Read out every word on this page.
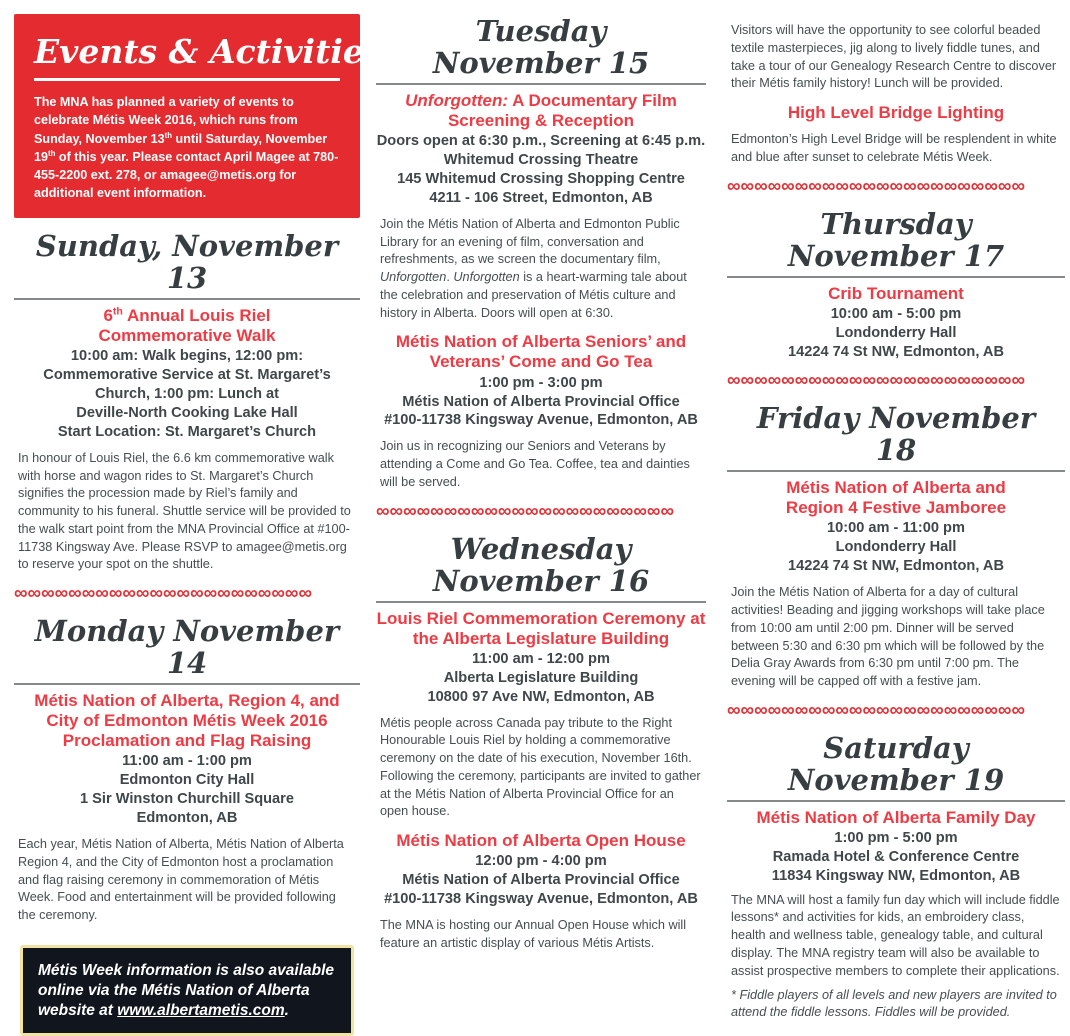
Events & Activities

The MNA has planned a variety of events to celebrate Métis Week 2016, which runs from Sunday, November 13th until Saturday, November 19th of this year. Please contact April Magee at 780-455-2200 ext. 278, or amagee@metis.org for additional event information.

Sunday, November 13
6th Annual Louis Riel
Commemorative Walk
10:00 am: Walk begins, 12:00 pm:
Commemorative Service at St. Margaret’s
Church, 1:00 pm: Lunch at
Deville-North Cooking Lake Hall
Start Location: St. Margaret’s Church

In honour of Louis Riel, the 6.6 km commemorative walk with horse and wagon rides to St. Margaret’s Church signifies the procession made by Riel’s family and community to his funeral. Shuttle service will be provided to the walk start point from the MNA Provincial Office at #100-11738 Kingsway Ave. Please RSVP to amagee@metis.org to reserve your spot on the shuttle.

∞∞∞∞∞∞∞∞∞∞∞∞∞∞∞∞∞∞∞∞∞∞
Monday November 14
Métis Nation of Alberta, Region 4, and
City of Edmonton Métis Week 2016
Proclamation and Flag Raising
11:00 am - 1:00 pm
Edmonton City Hall
1 Sir Winston Churchill Square
Edmonton, AB

Each year, Métis Nation of Alberta, Métis Nation of Alberta Region 4, and the City of Edmonton host a proclamation and flag raising ceremony in commemoration of Métis Week. Food and entertainment will be provided following the ceremony.

Métis Week information is also available online via the Métis Nation of Alberta website at www.albertametis.com.

Tuesday November 15
Unforgotten: A Documentary Film
Screening & Reception
Doors open at 6:30 p.m., Screening at 6:45 p.m.
Whitemud Crossing Theatre
145 Whitemud Crossing Shopping Centre
4211 - 106 Street, Edmonton, AB

Join the Métis Nation of Alberta and Edmonton Public Library for an evening of film, conversation and refreshments, as we screen the documentary film, Unforgotten. Unforgotten is a heart-warming tale about the celebration and preservation of Métis culture and history in Alberta. Doors will open at 6:30.

Métis Nation of Alberta Seniors’ and
Veterans’ Come and Go Tea
1:00 pm - 3:00 pm
Métis Nation of Alberta Provincial Office
#100-11738 Kingsway Avenue, Edmonton, AB

Join us in recognizing our Seniors and Veterans by attending a Come and Go Tea. Coffee, tea and dainties will be served.

∞∞∞∞∞∞∞∞∞∞∞∞∞∞∞∞∞∞∞∞∞∞
Wednesday November 16
Louis Riel Commemoration Ceremony at
the Alberta Legislature Building
11:00 am - 12:00 pm
Alberta Legislature Building
10800 97 Ave NW, Edmonton, AB

Métis people across Canada pay tribute to the Right Honourable Louis Riel by holding a commemorative ceremony on the date of his execution, November 16th. Following the ceremony, participants are invited to gather at the Métis Nation of Alberta Provincial Office for an open house.

Métis Nation of Alberta Open House
12:00 pm - 4:00 pm
Métis Nation of Alberta Provincial Office
#100-11738 Kingsway Avenue, Edmonton, AB

The MNA is hosting our Annual Open House which will feature an artistic display of various Métis Artists.

Visitors will have the opportunity to see colorful beaded textile masterpieces, jig along to lively fiddle tunes, and take a tour of our Genealogy Research Centre to discover their Métis family history! Lunch will be provided.

High Level Bridge Lighting

Edmonton’s High Level Bridge will be resplendent in white and blue after sunset to celebrate Métis Week.

∞∞∞∞∞∞∞∞∞∞∞∞∞∞∞∞∞∞∞∞∞∞
Thursday November 17
Crib Tournament
10:00 am - 5:00 pm
Londonderry Hall
14224 74 St NW, Edmonton, AB
∞∞∞∞∞∞∞∞∞∞∞∞∞∞∞∞∞∞∞∞∞∞
Friday November 18
Métis Nation of Alberta and
Region 4 Festive Jamboree
10:00 am - 11:00 pm
Londonderry Hall
14224 74 St NW, Edmonton, AB

Join the Métis Nation of Alberta for a day of cultural activities! Beading and jigging workshops will take place from 10:00 am until 2:00 pm. Dinner will be served between 5:30 and 6:30 pm which will be followed by the Delia Gray Awards from 6:30 pm until 7:00 pm. The evening will be capped off with a festive jam.

∞∞∞∞∞∞∞∞∞∞∞∞∞∞∞∞∞∞∞∞∞∞
Saturday November 19
Métis Nation of Alberta Family Day
1:00 pm - 5:00 pm
Ramada Hotel & Conference Centre
11834 Kingsway NW, Edmonton, AB

The MNA will host a family fun day which will include fiddle lessons* and activities for kids, an embroidery class, health and wellness table, genealogy table, and cultural display. The MNA registry team will also be available to assist prospective members to complete their applications.

* Fiddle players of all levels and new players are invited to attend the fiddle lessons. Fiddles will be provided.
